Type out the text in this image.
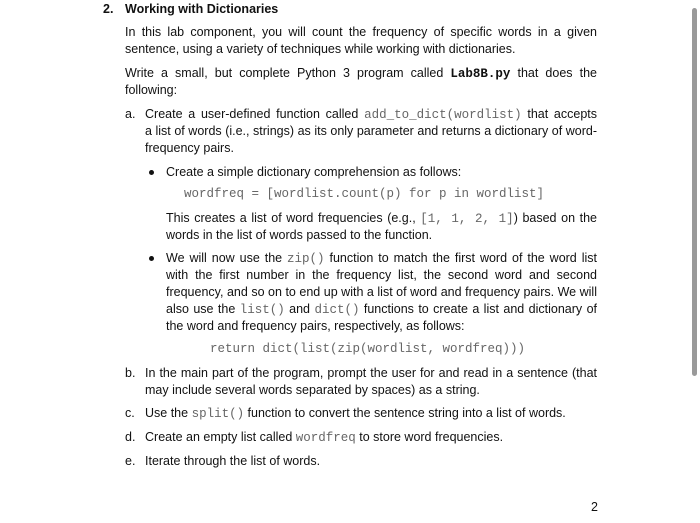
2. Working with Dictionaries
In this lab component, you will count the frequency of specific words in a given
sentence, using a variety of techniques while working with dictionaries.
Write a small, but complete Python 3 program called Lab8B.py that does the
following:
a. Create a user-defined function called add_to_dict(wordlist) that accepts
a list of words (i.e., strings) as its only parameter and returns a dictionary of word-
frequency pairs.
Create a simple dictionary comprehension as follows:
wordfreq = [wordlist.count(p) for p in wordlist]
This creates a list of word frequencies (e.g., [1, 1, 2, 1]) based on the
words in the list of words passed to the function.
We will now use the zip() function to match the first word of the word list
with the first number in the frequency list, the second word and second
frequency, and so on to end up with a list of word and frequency pairs. We will
also use the list() and dict() functions to create a list and dictionary of
the word and frequency pairs, respectively, as follows:
return dict(list(zip(wordlist, wordfreq)))
b. In the main part of the program, prompt the user for and read in a sentence (that
may include several words separated by spaces) as a string.
c. Use the split() function to convert the sentence string into a list of words.
d. Create an empty list called wordfreq to store word frequencies.
e. Iterate through the list of words.
2
